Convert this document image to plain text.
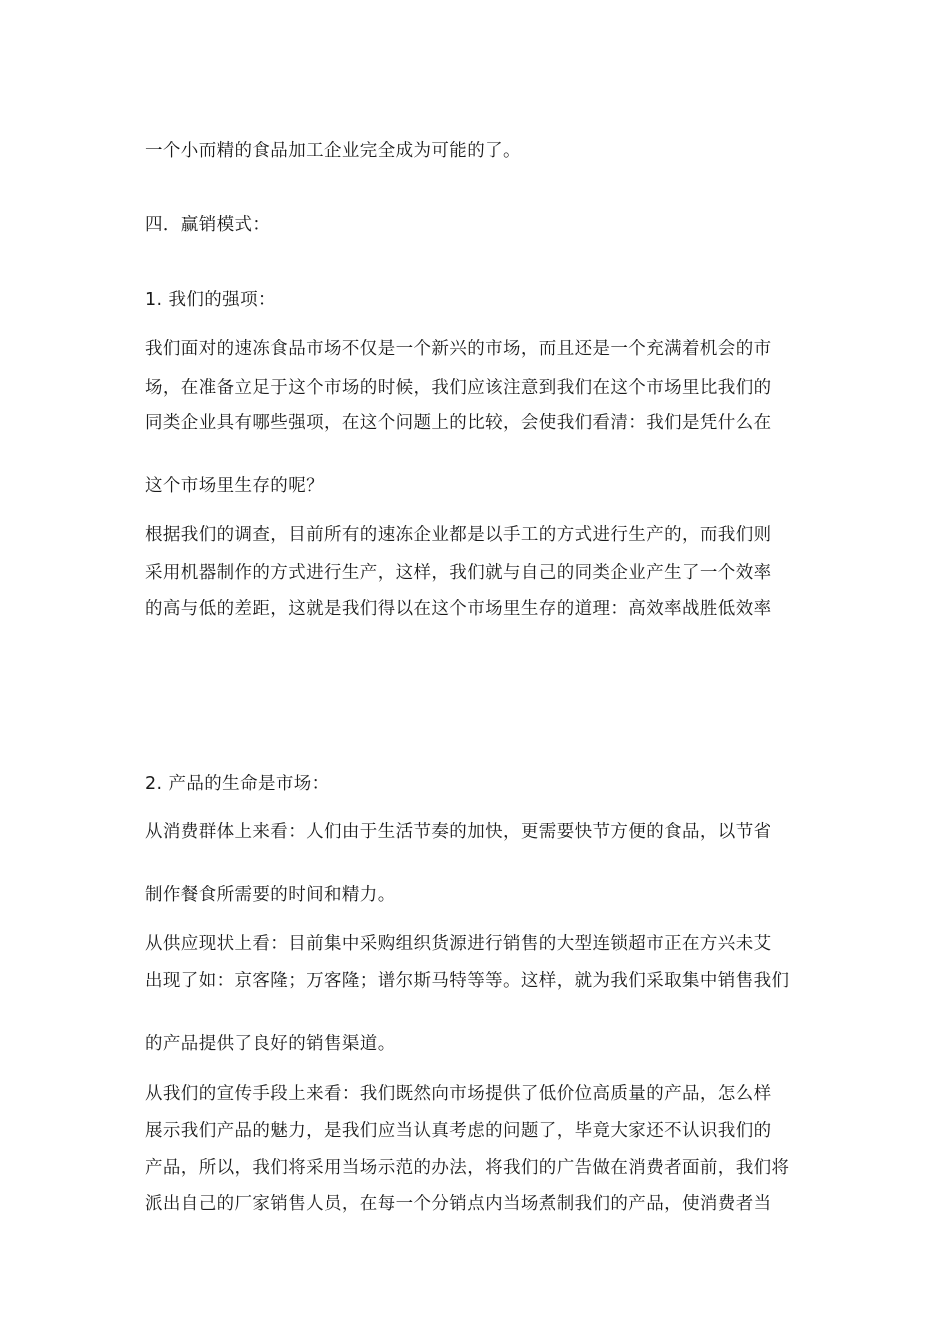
一个小而精的食品加工企业完全成为可能的了。
四．赢销模式：
1. 我们的强项：
我们面对的速冻食品市场不仅是一个新兴的市场，而且还是一个充满着机会的市
场，在准备立足于这个市场的时候，我们应该注意到我们在这个市场里比我们的
同类企业具有哪些强项，在这个问题上的比较，会使我们看清：我们是凭什么在
这个市场里生存的呢？
根据我们的调查，目前所有的速冻企业都是以手工的方式进行生产的，而我们则
采用机器制作的方式进行生产，这样，我们就与自己的同类企业产生了一个效率
的高与低的差距，这就是我们得以在这个市场里生存的道理：高效率战胜低效率
2. 产品的生命是市场：
从消费群体上来看：人们由于生活节奏的加快，更需要快节方便的食品，以节省
制作餐食所需要的时间和精力。
从供应现状上看：目前集中采购组织货源进行销售的大型连锁超市正在方兴未艾
出现了如：京客隆；万客隆；谱尔斯马特等等。这样，就为我们采取集中销售我们
的产品提供了良好的销售渠道。
从我们的宣传手段上来看：我们既然向市场提供了低价位高质量的产品，怎么样
展示我们产品的魅力，是我们应当认真考虑的问题了，毕竟大家还不认识我们的
产品，所以，我们将采用当场示范的办法，将我们的广告做在消费者面前，我们将
派出自己的厂家销售人员，在每一个分销点内当场煮制我们的产品，使消费者当
